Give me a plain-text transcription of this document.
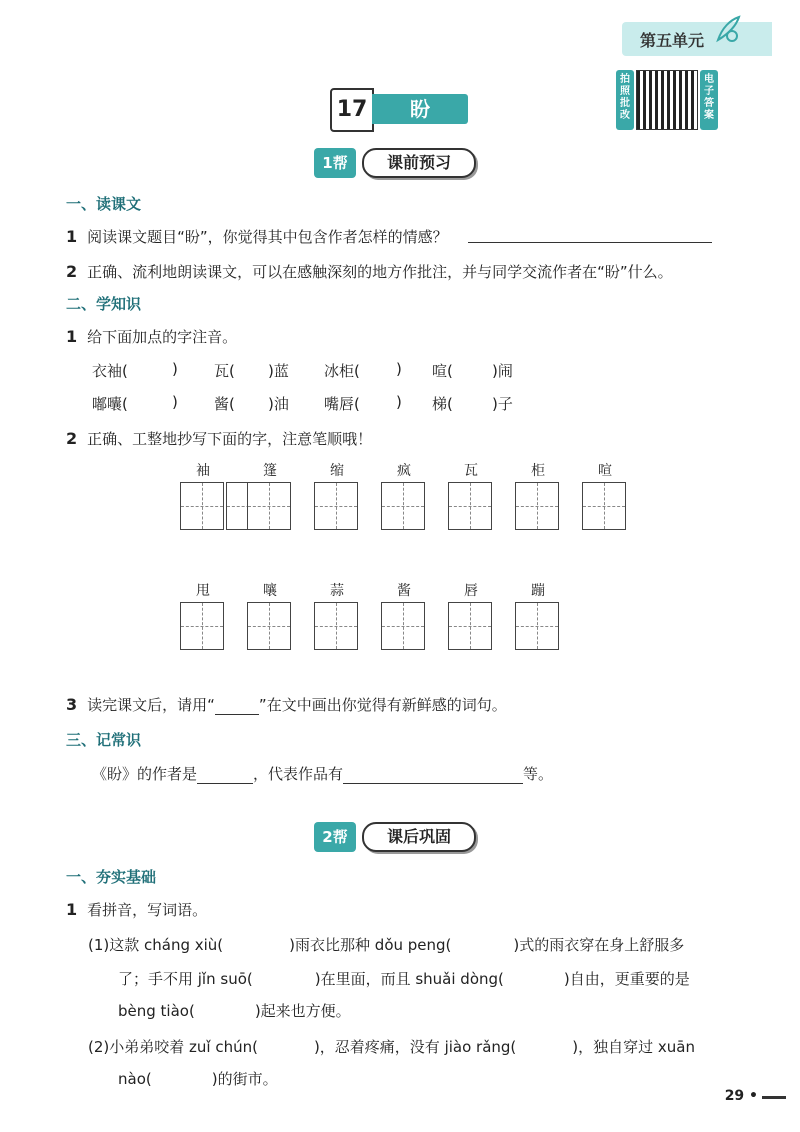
第五单元
17	盼
拍照批改
电子答案
1帮	课前预习
一、读课文
1 阅读课文题目“盼”，你觉得其中包含作者怎样的情感？
2 正确、流利地朗读课文，可以在感触深刻的地方作批注，并与同学交流作者在“盼”什么。
二、学知识
1 给下面加点的字注音。
衣袖(	) 瓦( )蓝 冰柜( ) 喧(	)闹
嘟囔(	) 酱( )油 嘴唇( ) 梯(	)子
2 正确、工整地抄写下面的字，注意笔顺哦！
袖	篷	缩	疯	瓦	柜	喧
甩	嚷	蒜	酱	唇	蹦
3 读完课文后，请用“	”在文中画出你觉得有新鲜感的词句。
三、记常识
《盼》的作者是	，代表作品有	等。
2帮	课后巩固
一、夯实基础
1 看拼音，写词语。
(1)这款 cháng xiù(	)雨衣比那种 dǒu peng(	)式的雨衣穿在身上舒服多
了；手不用 jǐn suō(	)在里面，而且 shuǎi dòng(	)自由，更重要的是
bèng tiào(	)起来也方便。
(2)小弟弟咬着 zuǐ chún(	)，忍着疼痛，没有 jiào rǎng(	)，独自穿过 xuān
nào(	)的街市。
29 •
